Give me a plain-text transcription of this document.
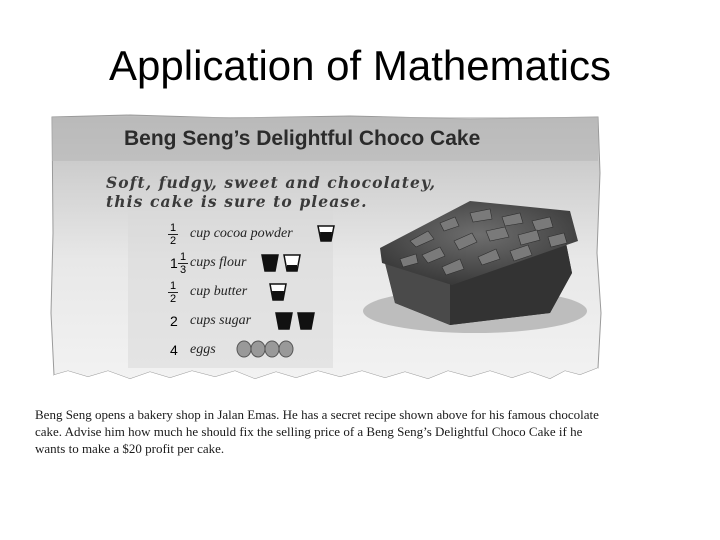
Application of Mathematics
Beng Seng’s Delightful Choco Cake
Soft, fudgy, sweet and chocolatey,
this cake is sure to please.
$\frac{1}{2}$ cup cocoa powder
$1 \frac{1}{3}$ cups flour
$\frac{1}{2}$ cup butter
2 cups sugar
4 eggs
Beng Seng opens a bakery shop in Jalan Emas. He has a secret recipe shown above for his famous chocolate cake. Advise him how much he should fix the selling price of a Beng Seng’s Delightful Choco Cake if he wants to make a $20 profit per cake.
